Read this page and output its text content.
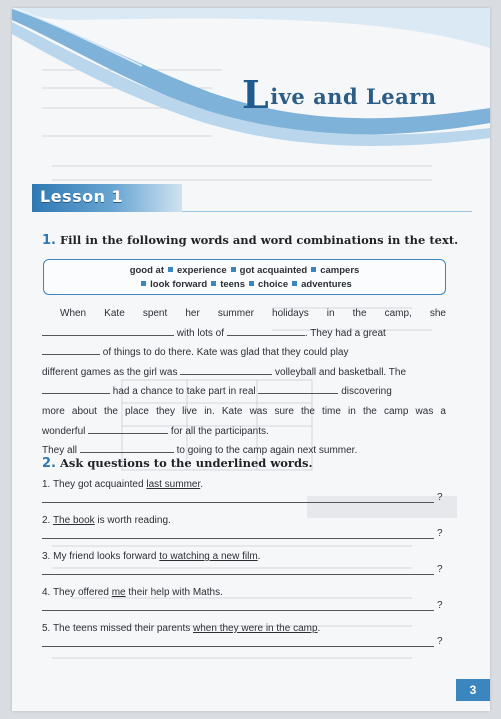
Live and Learn
Lesson 1
1. Fill in the following words and word combinations in the text.
good at experience got acquainted campers
look forward teens choice adventures

When Kate spent her summer holidays in the camp, she

with lots of	. They had a great

of things to do there. Kate was glad that they could play

different games as the girl was	volleyball and basketball. The

had a chance to take part in real	discovering

more about the place they live in. Kate was sure the time in the camp was a

wonderful	for all the participants.

They all	to going to the camp again next summer.

2. Ask questions to the underlined words.
1. They got acquainted last summer.
?
2. The book is worth reading.
?
3. My friend looks forward to watching a new film.
?
4. They offered me their help with Maths.
?
5. The teens missed their parents when they were in the camp.
?
3
